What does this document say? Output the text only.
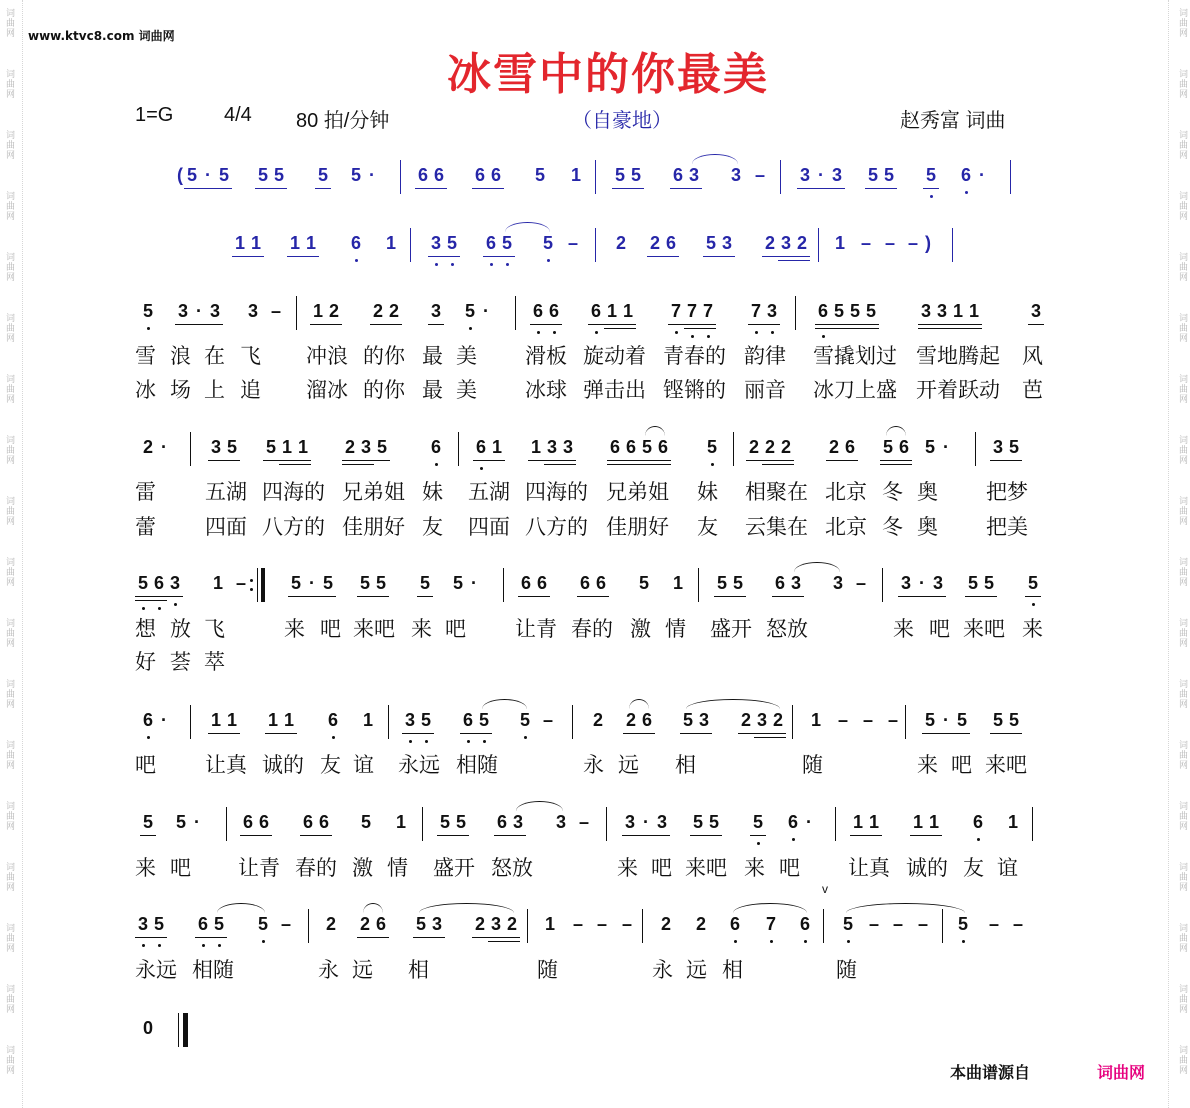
www.ktvc8.com 词曲网
冰雪中的你最美
1=G	4/4 80 拍/分钟	（自豪地）	赵秀富 词曲
本曲谱源自	词曲网
词曲网	词曲网
词曲网	词曲网
词曲网	词曲网
词曲网	词曲网
词曲网	词曲网
词曲网	词曲网
词曲网	词曲网
词曲网	词曲网
词曲网	词曲网
词曲网	词曲网
词曲网	词曲网
词曲网	词曲网
词曲网	词曲网
词曲网	词曲网
词曲网	词曲网
词曲网	词曲网
词曲网	词曲网
词曲网	词曲网
( 5 · 5 5 5 5 5 · 6 6 6 6 5 1 5 5 6 3 3 – 3 · 3 5 5 5 6 ·
1 1 1 1 6 1 3 5 6 5 5 – 2 2 6 5 3 2 3 2 1 – – – )
5 3 · 3 3 – 1 2 2 2 3 5 · 6 6 6 1 1 7 7 7 7 3 6 5 5 5 3 3 1 1	3
雪 浪 在 飞 冲浪 的你 最 美 滑板 旋动着 青春的 韵律 雪撬划过 雪地腾起 风
冰 场 上 追 溜冰 的你 最 美 冰球 弹击出 铿锵的 丽音 冰刀上盛 开着跃动 芭
2 · 3 5 5 1 1 2 3 5 6 6 1 1 3 3 6 6 5 6 5 2 2 2 2 6 5 6 5 · 3 5
雷 五湖 四海的 兄弟姐 妹 五湖 四海的 兄弟姐 妹 相聚在 北京 冬 奥 把梦
蕾 四面 八方的 佳朋好 友 四面 八方的 佳朋好 友 云集在 北京 冬 奥 把美
5 6 3 1 – 5 · 5 5 5 5 5 · 6 6 6 6 5 1 5 5 6 3 3 – 3 · 3 5 5 5
想 放 飞	来 吧 来吧 来 吧 让青 春的 激 情 盛开 怒放	来 吧 来吧 来
好 荟 萃
6 · 1 1 1 1 6 1 3 5 6 5 5 – 2 2 6 5 3 2 3 2 1 – – – 5 · 5 5 5
吧 让真 诚的 友 谊 永远 相随	永 远 相	随	来 吧 来吧
5 5 · 6 6 6 6 5 1 5 5 6 3 3 – 3 · 3 5 5 5 6 · 1 1 1 1 6 1
来 吧 让青 春的 激 情 盛开 怒放	来 吧 来吧 来 吧 让真 诚的 友 谊
3 5 6 5 5 – 2 2 6 5 3 2 3 2 1 – – – 2 2 6 7 6 5 – – – 5 – –
永远 相随	永 远 相	随	永 远 相	随
v
0
